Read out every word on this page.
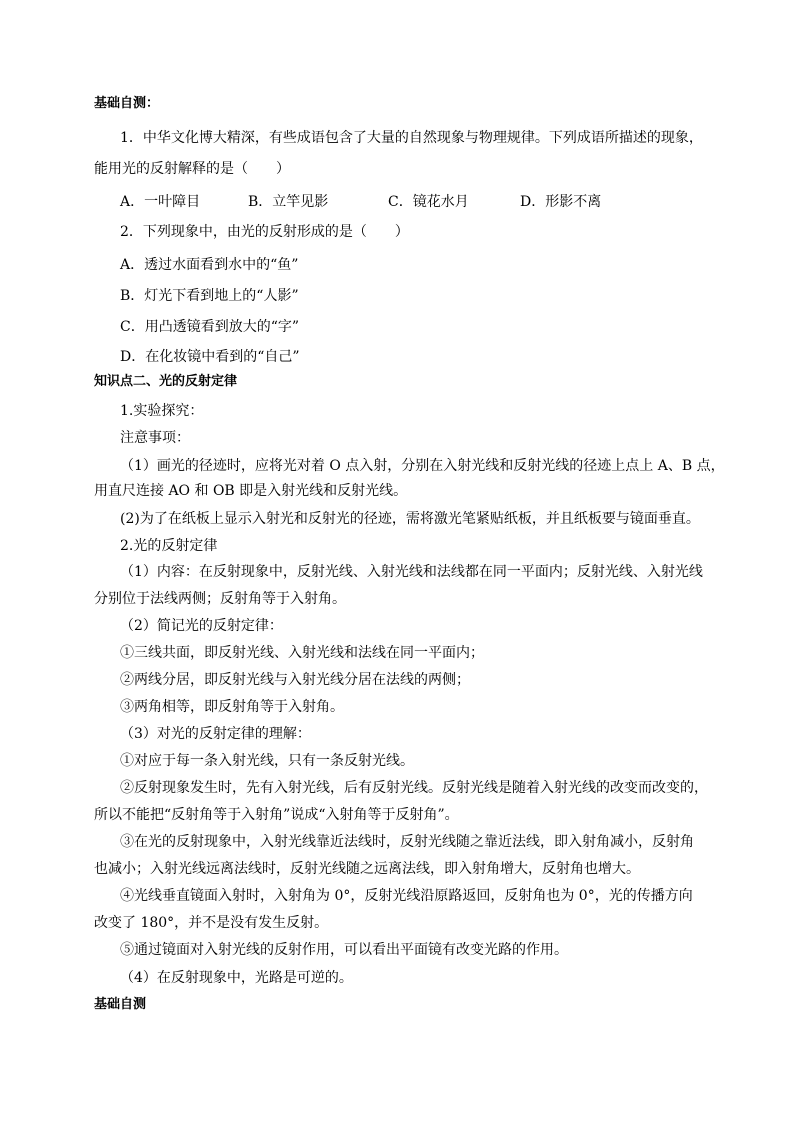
基础自测：
1．中华文化博大精深，有些成语包含了大量的自然现象与物理规律。下列成语所描述的现象，
能用光的反射解释的是（　　）
A．一叶障目	B．立竿见影	C．镜花水月	D．形影不离
2．下列现象中，由光的反射形成的是（　　）
A．透过水面看到水中的“鱼”
B．灯光下看到地上的“人影”
C．用凸透镜看到放大的“字”
D．在化妆镜中看到的“自己”
知识点二、光的反射定律
1.实验探究：
注意事项：
（1）画光的径迹时，应将光对着 O 点入射，分别在入射光线和反射光线的径迹上点上 A、B 点，
用直尺连接 AO 和 OB 即是入射光线和反射光线。
(2)为了在纸板上显示入射光和反射光的径迹，需将激光笔紧贴纸板，并且纸板要与镜面垂直。
2.光的反射定律
（1）内容：在反射现象中，反射光线、入射光线和法线都在同一平面内；反射光线、入射光线
分别位于法线两侧；反射角等于入射角。
（2）简记光的反射定律：
①三线共面，即反射光线、入射光线和法线在同一平面内；
②两线分居，即反射光线与入射光线分居在法线的两侧；
③两角相等，即反射角等于入射角。
（3）对光的反射定律的理解：
①对应于每一条入射光线，只有一条反射光线。
②反射现象发生时，先有入射光线，后有反射光线。反射光线是随着入射光线的改变而改变的，
所以不能把“反射角等于入射角”说成“入射角等于反射角”。
③在光的反射现象中，入射光线靠近法线时，反射光线随之靠近法线，即入射角减小，反射角
也减小；入射光线远离法线时，反射光线随之远离法线，即入射角增大，反射角也增大。
④光线垂直镜面入射时，入射角为 0°，反射光线沿原路返回，反射角也为 0°，光的传播方向
改变了 180°，并不是没有发生反射。
⑤通过镜面对入射光线的反射作用，可以看出平面镜有改变光路的作用。
（4）在反射现象中，光路是可逆的。
基础自测
